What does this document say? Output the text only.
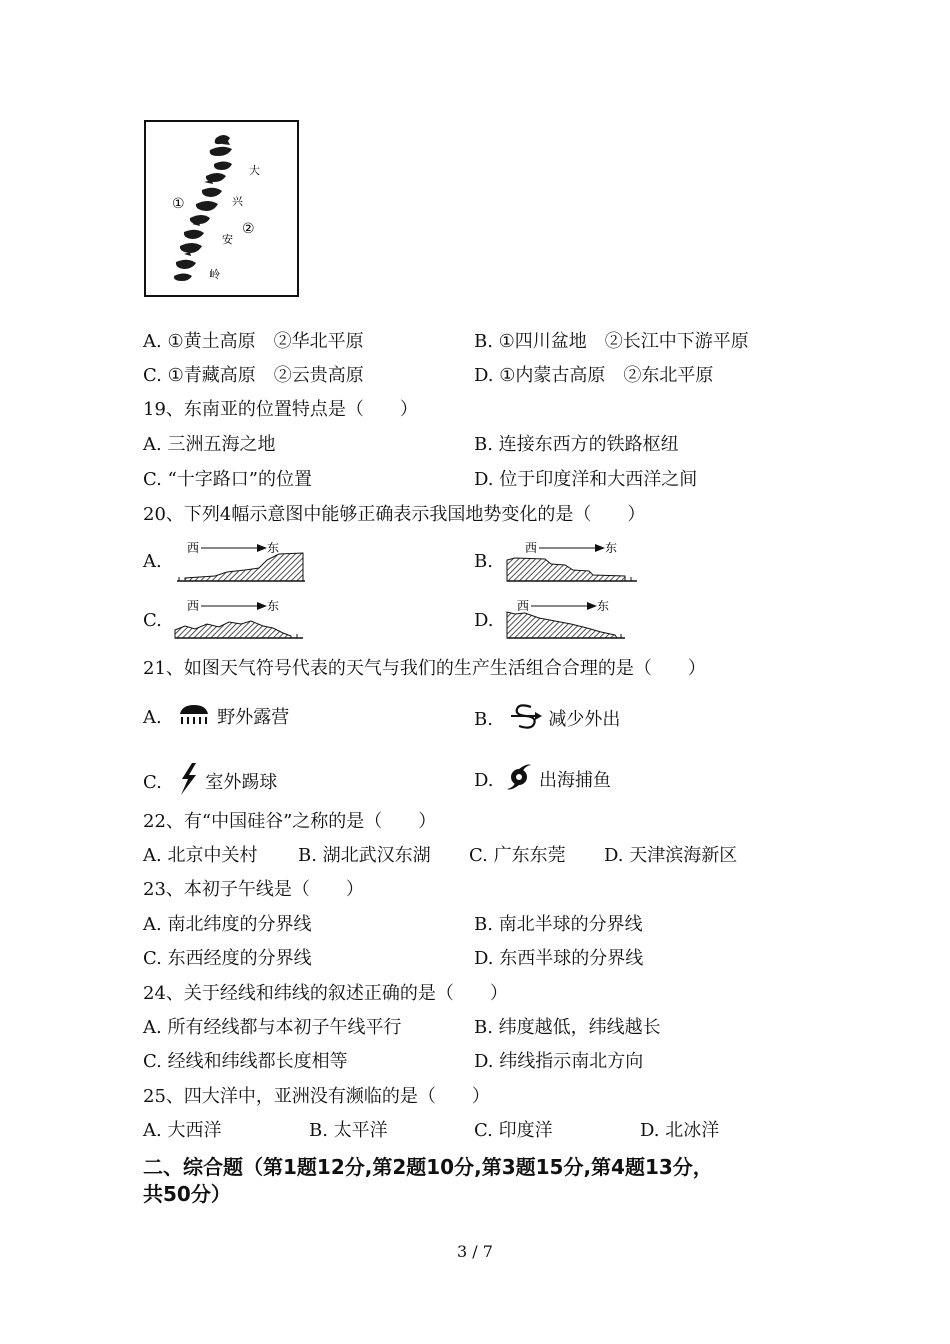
①
②
大
兴
安
岭
A. ①黄土高原　②华北平原	B. ①四川盆地　②长江中下游平原
C. ①青藏高原　②云贵高原	D. ①内蒙古高原　②东北平原
19、东南亚的位置特点是（　　）
A. 三洲五海之地	B. 连接东西方的铁路枢纽
C. “十字路口”的位置	D. 位于印度洋和大西洋之间
20、下列4幅示意图中能够正确表示我国地势变化的是（　　）
A.
西	东
B.
西	东
C.
西	东
D.
西	东
21、如图天气符号代表的天气与我们的生产生活组合合理的是（　　）
A.	野外露营	B.	减少外出
C. 室外踢球	D.	出海捕鱼
22、有“中国硅谷”之称的是（　　）
A. 北京中关村 B. 湖北武汉东湖 C. 广东东莞 D. 天津滨海新区
23、本初子午线是（　　）
A. 南北纬度的分界线	B. 南北半球的分界线
C. 东西经度的分界线	D. 东西半球的分界线
24、关于经线和纬线的叙述正确的是（　　）
A. 所有经线都与本初子午线平行	B. 纬度越低，纬线越长
C. 经线和纬线都长度相等	D. 纬线指示南北方向
25、四大洋中，亚洲没有濒临的是（　　）
A. 大西洋	B. 太平洋	C. 印度洋	D. 北冰洋
二、综合题（第1题12分,第2题10分,第3题15分,第4题13分，
共50分）
3 / 7
